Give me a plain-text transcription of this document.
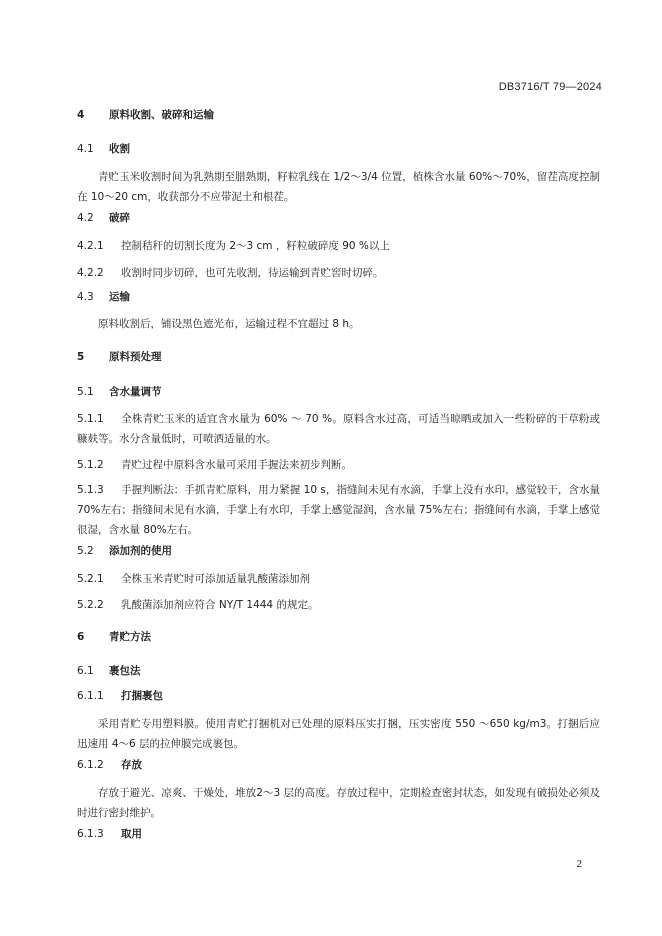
DB3716/T 79—2024
4 原料收割、破碎和运输
4.1 收割
青贮玉米收割时间为乳熟期至腊熟期，籽粒乳线在 1/2～3/4 位置，植株含水量 60%～70%，留茬高度控制在 10～20 cm，收获部分不应带泥土和根茬。
4.2 破碎
4.2.1 控制秸秆的切割长度为 2～3 cm ，籽粒破碎度 90 %以上
4.2.2 收割时同步切碎，也可先收割，待运输到青贮窖时切碎。
4.3 运输
原料收割后，铺设黑色遮光布，运输过程不宜超过 8 h。
5 原料预处理
5.1 含水量调节
5.1.1 全株青贮玉米的适宜含水量为 60% ～ 70 %。原料含水过高，可适当晾晒或加入一些粉碎的干草粉或糠麸等。水分含量低时，可喷洒适量的水。
5.1.2 青贮过程中原料含水量可采用手握法来初步判断。
5.1.3 手握判断法：手抓青贮原料，用力紧握 10 s，指缝间未见有水滴，手掌上没有水印，感觉较干，含水量 70%左右；指缝间未见有水滴，手掌上有水印，手掌上感觉湿润，含水量 75%左右；指缝间有水滴，手掌上感觉很湿，含水量 80%左右。
5.2 添加剂的使用
5.2.1 全株玉米青贮时可添加适量乳酸菌添加剂
5.2.2 乳酸菌添加剂应符合 NY/T 1444 的规定。
6 青贮方法
6.1 裹包法
6.1.1 打捆裹包
采用青贮专用塑料膜。使用青贮打捆机对已处理的原料压实打捆，压实密度 550 ～650 kg/m3。打捆后应迅速用 4～6 层的拉伸膜完成裹包。
6.1.2 存放
存放于避光、凉爽、干燥处，堆放2～3 层的高度。存放过程中，定期检查密封状态，如发现有破损处必须及时进行密封维护。
6.1.3 取用
2
